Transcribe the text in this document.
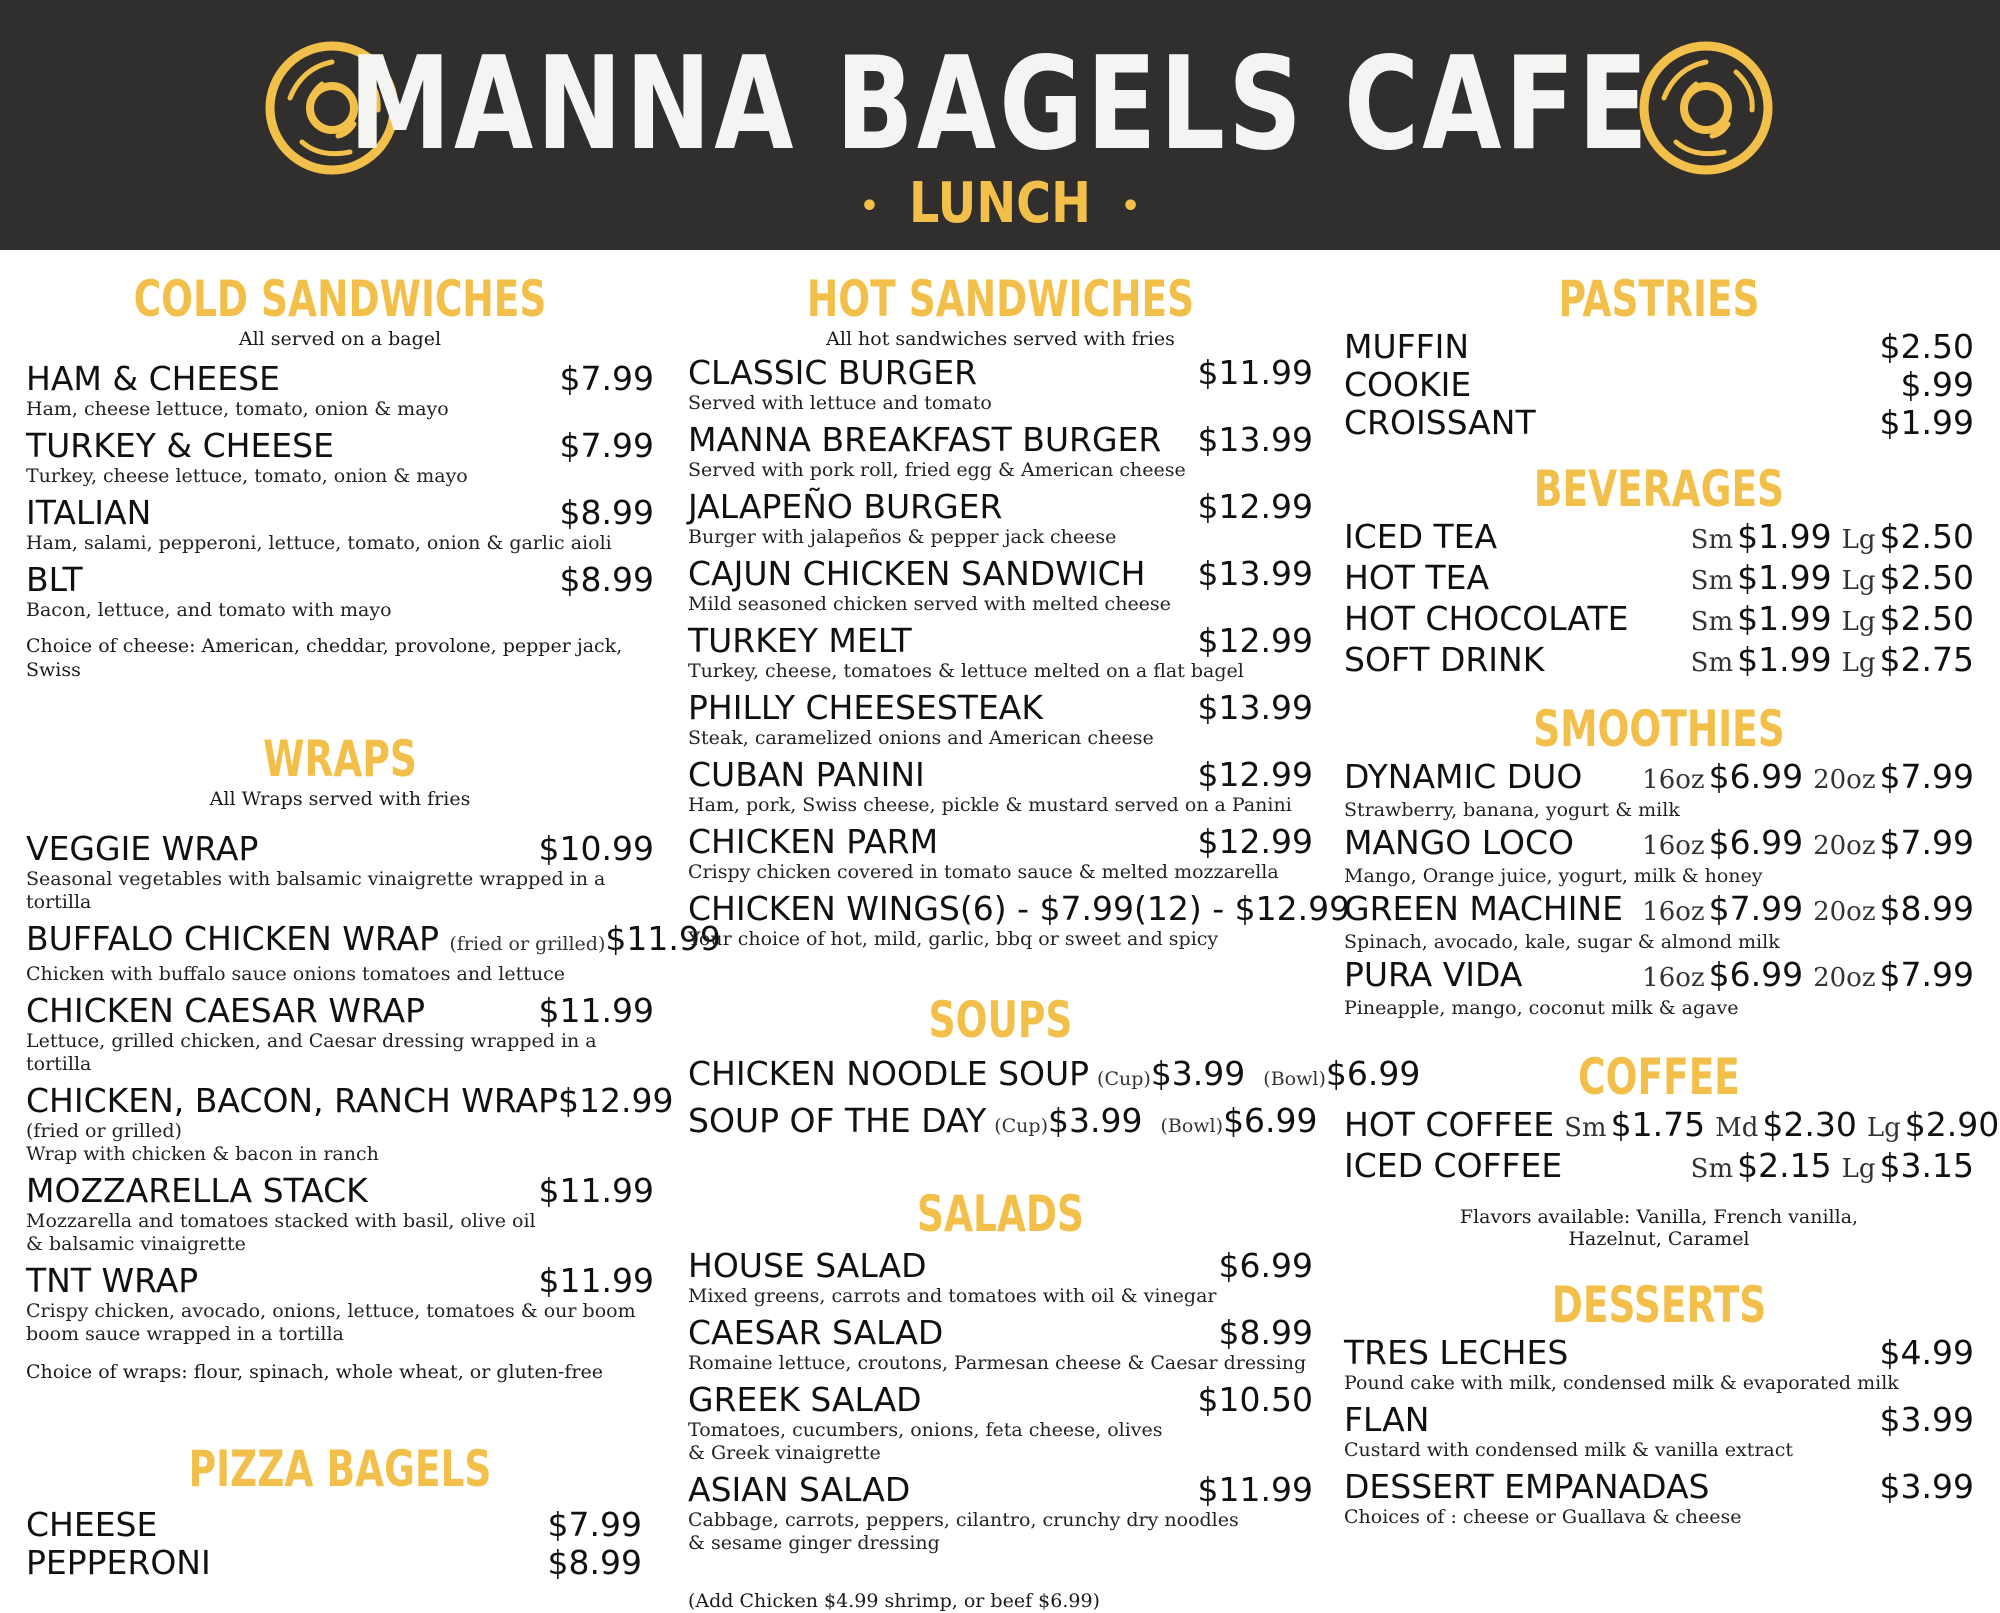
MANNA BAGELS CAFE
• LUNCH •
COLD SANDWICHES
All served on a bagel
HAM & CHEESE	$7.99
Ham, cheese lettuce, tomato, onion & mayo
TURKEY & CHEESE	$7.99
Turkey, cheese lettuce, tomato, onion & mayo
ITALIAN	$8.99
Ham, salami, pepperoni, lettuce, tomato, onion & garlic aioli
BLT	$8.99
Bacon, lettuce, and tomato with mayo
Choice of cheese: American, cheddar, provolone, pepper jack, Swiss
WRAPS
All Wraps served with fries
VEGGIE WRAP	$10.99
Seasonal vegetables with balsamic vinaigrette wrapped in a tortilla
BUFFALO CHICKEN WRAP (fried or grilled) $11.99
Chicken with buffalo sauce onions tomatoes and lettuce
CHICKEN CAESAR WRAP	$11.99
Lettuce, grilled chicken, and Caesar dressing wrapped in a tortilla
CHICKEN, BACON, RANCH WRAP $12.99
(fried or grilled)
Wrap with chicken & bacon in ranch
MOZZARELLA STACK	$11.99
Mozzarella and tomatoes stacked with basil, olive oil
& balsamic vinaigrette
TNT WRAP	$11.99
Crispy chicken, avocado, onions, lettuce, tomatoes & our boom
boom sauce wrapped in a tortilla
Choice of wraps: flour, spinach, whole wheat, or gluten-free
PIZZA BAGELS
CHEESE	$7.99
PEPPERONI	$8.99
HOT SANDWICHES
All hot sandwiches served with fries
CLASSIC BURGER	$11.99
Served with lettuce and tomato
MANNA BREAKFAST BURGER $13.99
Served with pork roll, fried egg & American cheese
JALAPEÑO BURGER	$12.99
Burger with jalapeños & pepper jack cheese
CAJUN CHICKEN SANDWICH $13.99
Mild seasoned chicken served with melted cheese
TURKEY MELT	$12.99
Turkey, cheese, tomatoes & lettuce melted on a flat bagel
PHILLY CHEESESTEAK	$13.99
Steak, caramelized onions and American cheese
CUBAN PANINI	$12.99
Ham, pork, Swiss cheese, pickle & mustard served on a Panini
CHICKEN PARM	$12.99
Crispy chicken covered in tomato sauce & melted mozzarella
CHICKEN WINGS (6) - $7.99 (12) - $12.99
Your choice of hot, mild, garlic, bbq or sweet and spicy
SOUPS
CHICKEN NOODLE SOUP (Cup)$3.99 (Bowl)$6.99
SOUP OF THE DAY (Cup)$3.99 (Bowl)$6.99
SALADS
HOUSE SALAD	$6.99
Mixed greens, carrots and tomatoes with oil & vinegar
CAESAR SALAD	$8.99
Romaine lettuce, croutons, Parmesan cheese & Caesar dressing
GREEK SALAD	$10.50
Tomatoes, cucumbers, onions, feta cheese, olives
& Greek vinaigrette
ASIAN SALAD	$11.99
Cabbage, carrots, peppers, cilantro, crunchy dry noodles
& sesame ginger dressing
(Add Chicken $4.99 shrimp, or beef $6.99)
PASTRIES
MUFFIN	$2.50
COOKIE	$.99
CROISSANT	$1.99
BEVERAGES
ICED TEA	Sm $1.99 Lg $2.50
HOT TEA	Sm $1.99 Lg $2.50
HOT CHOCOLATE	Sm $1.99 Lg $2.50
SOFT DRINK	Sm $1.99 Lg $2.75
SMOOTHIES
DYNAMIC DUO	16oz $6.99 20oz $7.99
Strawberry, banana, yogurt & milk
MANGO LOCO	16oz $6.99 20oz $7.99
Mango, Orange juice, yogurt, milk & honey
GREEN MACHINE 16oz $7.99 20oz $8.99
Spinach, avocado, kale, sugar & almond milk
PURA VIDA	16oz $6.99 20oz $7.99
Pineapple, mango, coconut milk & agave
COFFEE
HOT COFFEE Sm $1.75 Md $2.30 Lg $2.90
ICED COFFEE	Sm $2.15 Lg $3.15
Flavors available: Vanilla, French vanilla,
Hazelnut, Caramel
DESSERTS
TRES LECHES	$4.99
Pound cake with milk, condensed milk & evaporated milk
FLAN	$3.99
Custard with condensed milk & vanilla extract
DESSERT EMPANADAS	$3.99
Choices of : cheese or Guallava & cheese
